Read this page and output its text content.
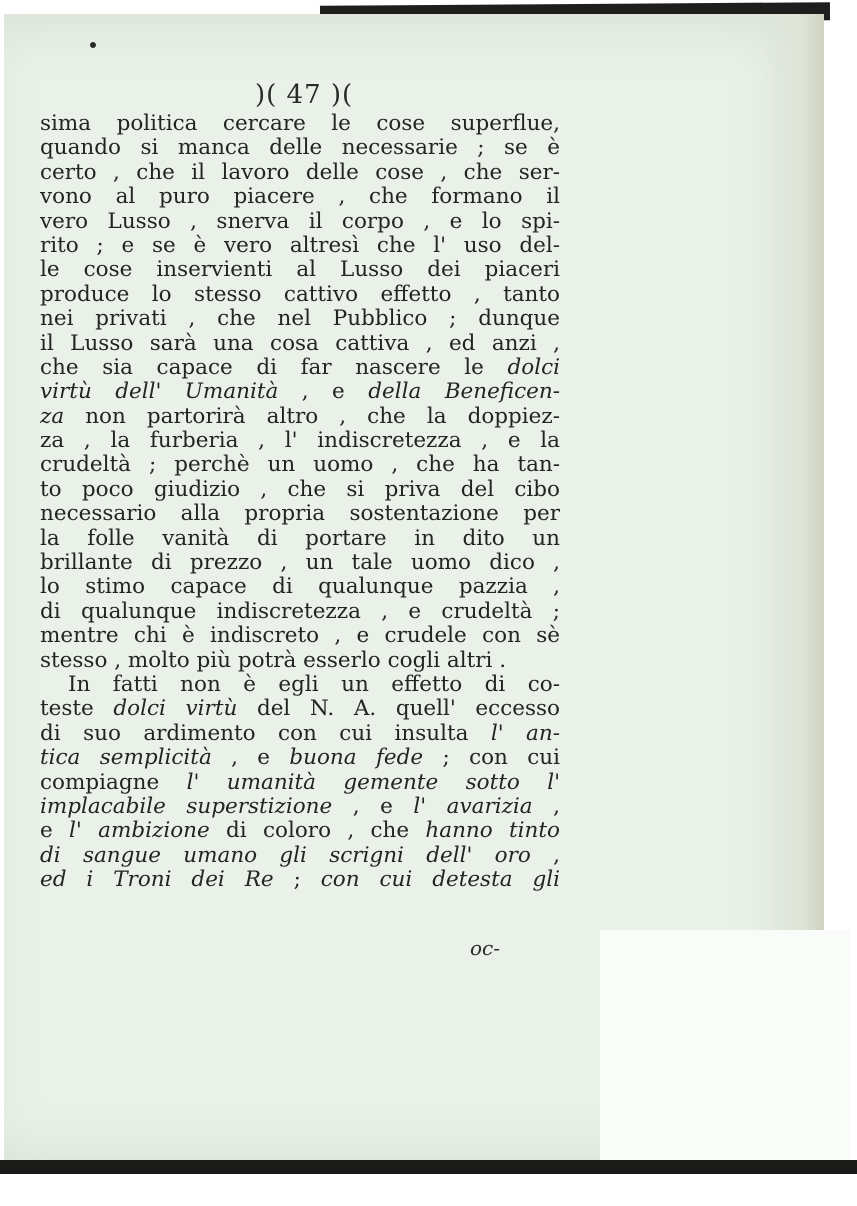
)( 47 )(
sima politica cercare le cose superflue,
quando si manca delle necessarie ; se è
certo , che il lavoro delle cose , che ser-
vono al puro piacere , che formano il
vero Lusso , snerva il corpo , e lo spi-
rito ; e se è vero altresì che l' uso del-
le cose inservienti al Lusso dei piaceri
produce lo stesso cattivo effetto , tanto
nei privati , che nel Pubblico ; dunque
il Lusso sarà una cosa cattiva , ed anzi ,
che sia capace di far nascere le dolci
virtù dell' Umanità , e della Beneficen-
za non partorirà altro , che la doppiez-
za , la furberia , l' indiscretezza , e la
crudeltà ; perchè un uomo , che ha tan-
to poco giudizio , che si priva del cibo
necessario alla propria sostentazione per
la folle vanità di portare in dito un
brillante di prezzo , un tale uomo dico ,
lo stimo capace di qualunque pazzia ,
di qualunque indiscretezza , e crudeltà ;
mentre chi è indiscreto , e crudele con sè
stesso , molto più potrà esserlo cogli altri .
In fatti non è egli un effetto di co-
teste dolci virtù del N. A. quell' eccesso
di suo ardimento con cui insulta l' an-
tica semplicità , e buona fede ; con cui
compiagne l' umanità gemente sotto l'
implacabile superstizione , e l' avarizia ,
e l' ambizione di coloro , che hanno tinto
di sangue umano gli scrigni dell' oro ,
ed i Troni dei Re ; con cui detesta gli
oc-
